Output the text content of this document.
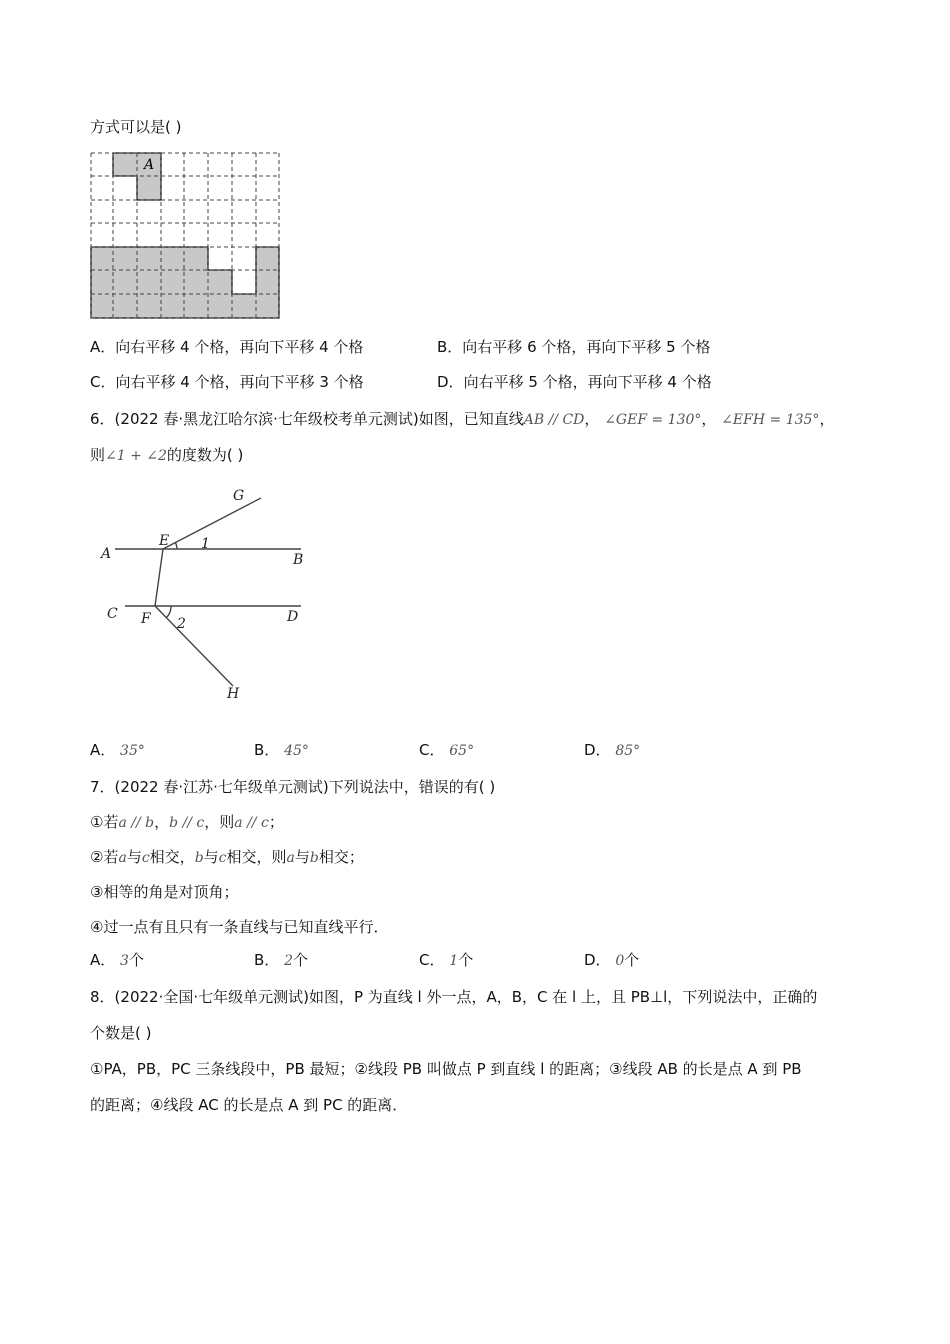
方式可以是( )
A
A．向右平移 4 个格，再向下平移 4 个格	B．向右平移 6 个格，再向下平移 5 个格
C．向右平移 4 个格，再向下平移 3 个格	D．向右平移 5 个格，再向下平移 4 个格
6．(2022 春·黑龙江哈尔滨·七年级校考单元测试)如图，已知直线AB // CD， ∠GEF = 130°， ∠EFH = 135°，
则∠1 + ∠2的度数为( )
A	B
C	D
E
F
G
H
1
2
A． 35°	B． 45°	C． 65°	D． 85°
7．(2022 春·江苏·七年级单元测试)下列说法中，错误的有( )
①若a // b，b // c，则a // c；
②若a与c相交，b与c相交，则a与b相交；
③相等的角是对顶角；
④过一点有且只有一条直线与已知直线平行．
A． 3个	B． 2个	C． 1个	D． 0个
8．(2022·全国·七年级单元测试)如图，P 为直线 l 外一点，A，B，C 在 l 上，且 PB⊥l，下列说法中，正确的
个数是( )
①PA，PB，PC 三条线段中，PB 最短；②线段 PB 叫做点 P 到直线 l 的距离；③线段 AB 的长是点 A 到 PB
的距离；④线段 AC 的长是点 A 到 PC 的距离．
